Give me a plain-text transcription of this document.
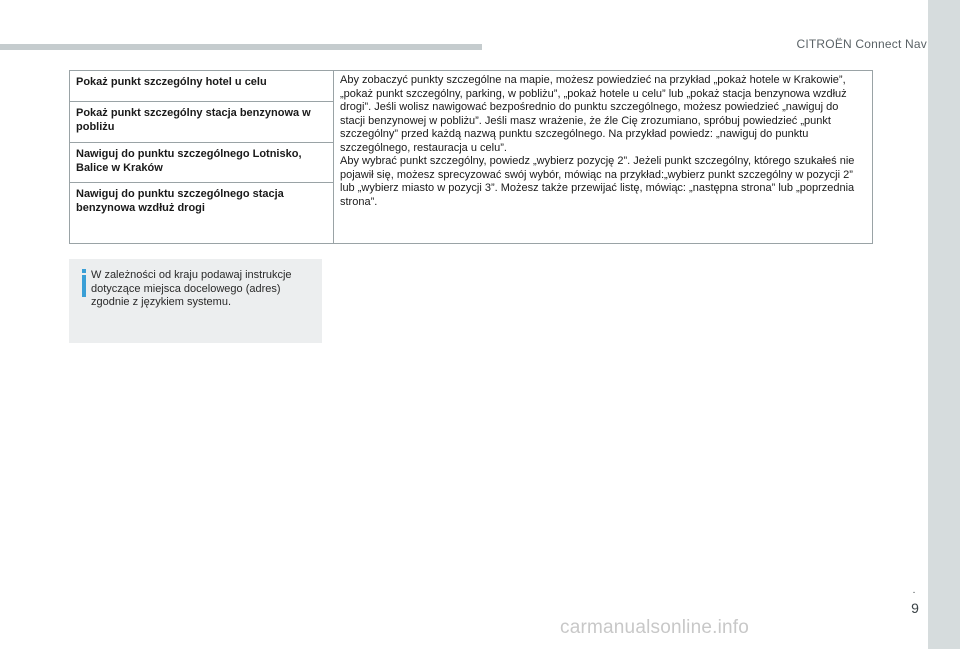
CITROËN Connect Nav
Pokaż punkt szczególny hotel u celu	Aby zobaczyć punkty szczególne na mapie, możesz powiedzieć na przykład „pokaż hotele w Krakowie”, „pokaż punkt szczególny, parking, w pobliżu”, „pokaż hotele u celu” lub „pokaż stacja benzynowa wzdłuż drogi”. Jeśli wolisz nawigować bezpośrednio do punktu szczególnego, możesz powiedzieć „nawiguj do stacji benzynowej w pobliżu”. Jeśli masz wrażenie, że źle Cię zrozumiano, spróbuj powiedzieć „punkt szczególny” przed każdą nazwą punktu szczególnego. Na przykład powiedz: „nawiguj do punktu szczególnego, restauracja u celu”.
Aby wybrać punkt szczególny, powiedz „wybierz pozycję 2”. Jeżeli punkt szczególny, którego szukałeś nie pojawił się, możesz sprecyzować swój wybór, mówiąc na przykład:„wybierz punkt szczególny w pozycji 2” lub „wybierz miasto w pozycji 3”. Możesz także przewijać listę, mówiąc: „następna strona” lub „poprzednia strona”.

Pokaż punkt szczególny stacja benzynowa w pobliżu
Nawiguj do punktu szczególnego Lotnisko, Balice w Kraków
Nawiguj do punktu szczególnego stacja benzynowa wzdłuż drogi
W zależności od kraju podawaj instrukcje dotyczące miejsca docelowego (adres) zgodnie z językiem systemu.
.
9
carmanualsonline.info
